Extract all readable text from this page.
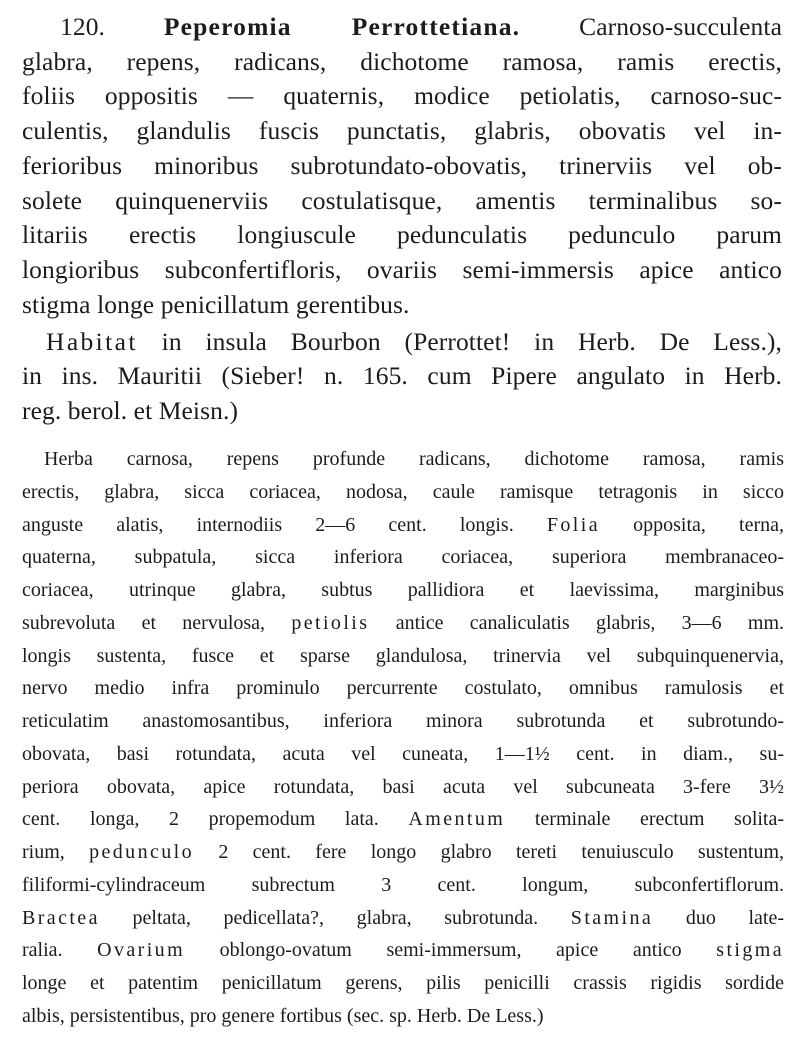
120. Peperomia Perrottetiana. Carnoso-succulenta
glabra, repens, radicans, dichotome ramosa, ramis erectis,
foliis oppositis — quaternis, modice petiolatis, carnoso-suc-
culentis, glandulis fuscis punctatis, glabris, obovatis vel in-
ferioribus minoribus subrotundato-obovatis, trinerviis vel ob-
solete quinquenerviis costulatisque, amentis terminalibus so-
litariis erectis longiuscule pedunculatis pedunculo parum
longioribus subconfertifloris, ovariis semi-immersis apice antico
stigma longe penicillatum gerentibus.
Habitat in insula Bourbon (Perrottet! in Herb. De Less.),
in ins. Mauritii (Sieber! n. 165. cum Pipere angulato in Herb.
reg. berol. et Meisn.)
Herba carnosa, repens profunde radicans, dichotome ramosa, ramis
erectis, glabra, sicca coriacea, nodosa, caule ramisque tetragonis in sicco
anguste alatis, internodiis 2—6 cent. longis. Folia opposita, terna,
quaterna, subpatula, sicca inferiora coriacea, superiora membranaceo-
coriacea, utrinque glabra, subtus pallidiora et laevissima, marginibus
subrevoluta et nervulosa, petiolis antice canaliculatis glabris, 3—6 mm.
longis sustenta, fusce et sparse glandulosa, trinervia vel subquinquenervia,
nervo medio infra prominulo percurrente costulato, omnibus ramulosis et
reticulatim anastomosantibus, inferiora minora subrotunda et subrotundo-
obovata, basi rotundata, acuta vel cuneata, 1—1½ cent. in diam., su-
periora obovata, apice rotundata, basi acuta vel subcuneata 3-fere 3½
cent. longa, 2 propemodum lata. Amentum terminale erectum solita-
rium, pedunculo 2 cent. fere longo glabro tereti tenuiusculo sustentum,
filiformi-cylindraceum subrectum 3 cent. longum, subconfertiflorum.
Bractea peltata, pedicellata?, glabra, subrotunda. Stamina duo late-
ralia. Ovarium oblongo-ovatum semi-immersum, apice antico stigma
longe et patentim penicillatum gerens, pilis penicilli crassis rigidis sordide
albis, persistentibus, pro genere fortibus (sec. sp. Herb. De Less.)
